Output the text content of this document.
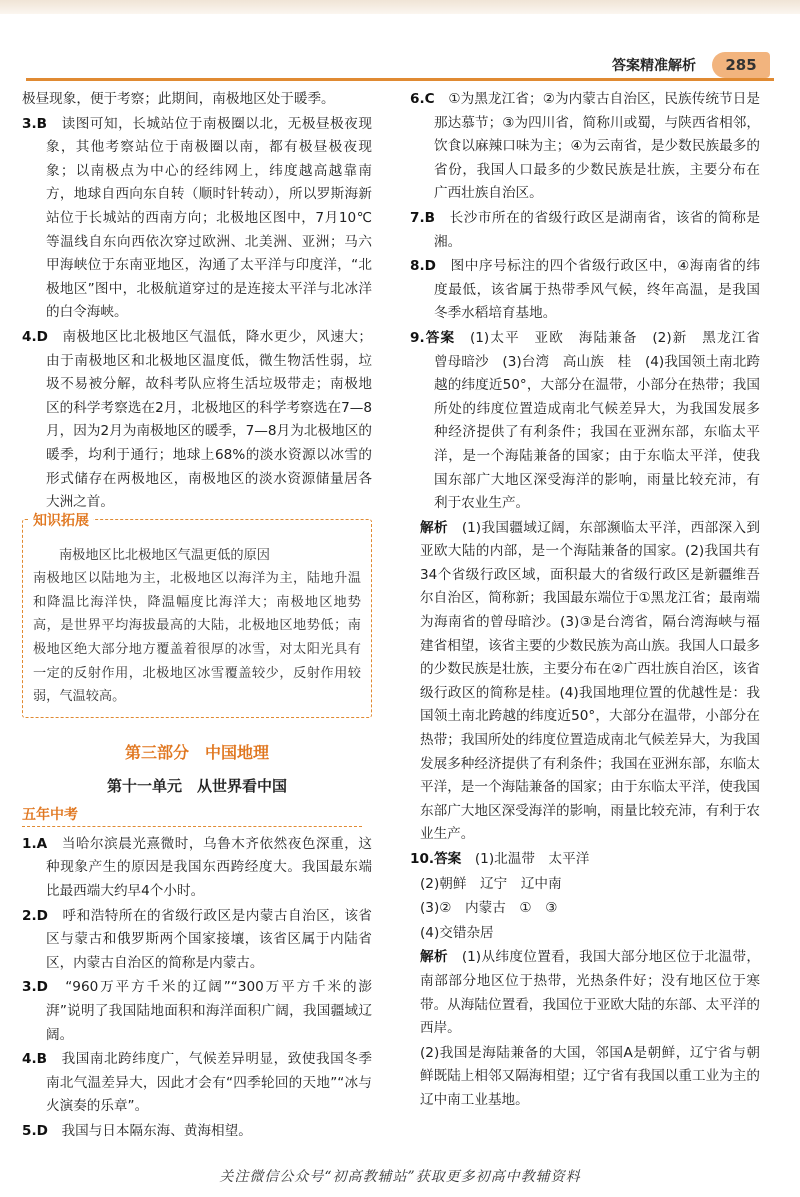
答案精准解析	285

极昼现象，便于考察；此期间，南极地区处于暖季。

3.B　 读图可知，长城站位于南极圈以北，无极昼极夜现象，其他考察站位于南极圈以南，都有极昼极夜现象；以南极点为中心的经纬网上，纬度越高越靠南方，地球自西向东自转（顺时针转动），所以罗斯海新站位于长城站的西南方向；北极地区图中，7月10℃等温线自东向西依次穿过欧洲、北美洲、亚洲；马六甲海峡位于东南亚地区，沟通了太平洋与印度洋，“北极地区”图中，北极航道穿过的是连接太平洋与北冰洋的白令海峡。

4.D　 南极地区比北极地区气温低，降水更少，风速大；由于南极地区和北极地区温度低，微生物活性弱，垃圾不易被分解，故科考队应将生活垃圾带走；南极地区的科学考察选在2月，北极地区的科学考察选在7—8月，因为2月为南极地区的暖季，7—8月为北极地区的暖季，均利于通行；地球上68%的淡水资源以冰雪的形式储存在两极地区，南极地区的淡水资源储量居各大洲之首。

知识拓展

南极地区比北极地区气温更低的原因

南极地区以陆地为主，北极地区以海洋为主，陆地升温和降温比海洋快，降温幅度比海洋大；南极地区地势高，是世界平均海拔最高的大陆，北极地区地势低；南极地区绝大部分地方覆盖着很厚的冰雪，对太阳光具有一定的反射作用，北极地区冰雪覆盖较少，反射作用较弱，气温较高。

第三部分　中国地理
第十一单元　从世界看中国
五年中考

1.A　 当哈尔滨晨光熹微时，乌鲁木齐依然夜色深重，这种现象产生的原因是我国东西跨经度大。我国最东端比最西端大约早4个小时。

2.D　 呼和浩特所在的省级行政区是内蒙古自治区，该省区与蒙古和俄罗斯两个国家接壤，该省区属于内陆省区，内蒙古自治区的简称是内蒙古。

3.D　 “960万平方千米的辽阔”“300万平方千米的澎湃”说明了我国陆地面积和海洋面积广阔，我国疆域辽阔。

4.B　 我国南北跨纬度广，气候差异明显，致使我国冬季南北气温差异大，因此才会有“四季轮回的天地”“冰与火演奏的乐章”。

5.D　 我国与日本隔东海、黄海相望。

6.C　 ①为黑龙江省；②为内蒙古自治区，民族传统节日是那达慕节；③为四川省，简称川或蜀，与陕西省相邻，饮食以麻辣口味为主；④为云南省，是少数民族最多的省份，我国人口最多的少数民族是壮族，主要分布在广西壮族自治区。

7.B　 长沙市所在的省级行政区是湖南省，该省的简称是湘。

8.D　 图中序号标注的四个省级行政区中，④海南省的纬度最低，该省属于热带季风气候，终年高温，是我国冬季水稻培育基地。

9.答案　 (1)太平　亚欧　海陆兼备　(2)新　黑龙江省　曾母暗沙　(3)台湾　高山族　桂　(4)我国领土南北跨越的纬度近50°，大部分在温带，小部分在热带；我国所处的纬度位置造成南北气候差异大，为我国发展多种经济提供了有利条件；我国在亚洲东部，东临太平洋，是一个海陆兼备的国家；由于东临太平洋，使我国东部广大地区深受海洋的影响，雨量比较充沛，有利于农业生产。

解析　 (1)我国疆域辽阔，东部濒临太平洋，西部深入到亚欧大陆的内部，是一个海陆兼备的国家。(2)我国共有34个省级行政区域，面积最大的省级行政区是新疆维吾尔自治区，简称新；我国最东端位于①黑龙江省；最南端为海南省的曾母暗沙。(3)③是台湾省，隔台湾海峡与福建省相望，该省主要的少数民族为高山族。我国人口最多的少数民族是壮族，主要分布在②广西壮族自治区，该省级行政区的简称是桂。(4)我国地理位置的优越性是：我国领土南北跨越的纬度近50°，大部分在温带，小部分在热带；我国所处的纬度位置造成南北气候差异大，为我国发展多种经济提供了有利条件；我国在亚洲东部，东临太平洋，是一个海陆兼备的国家；由于东临太平洋，使我国东部广大地区深受海洋的影响，雨量比较充沛，有利于农业生产。

10.答案　 (1)北温带　太平洋

(2)朝鲜　辽宁　辽中南

(3)②　内蒙古　①　③

(4)交错杂居

解析　 (1)从纬度位置看，我国大部分地区位于北温带，南部部分地区位于热带，光热条件好；没有地区位于寒带。从海陆位置看，我国位于亚欧大陆的东部、太平洋的西岸。

(2)我国是海陆兼备的大国，邻国A是朝鲜，辽宁省与朝鲜既陆上相邻又隔海相望；辽宁省有我国以重工业为主的辽中南工业基地。

关注微信公众号“初高教辅站”获取更多初高中教辅资料
